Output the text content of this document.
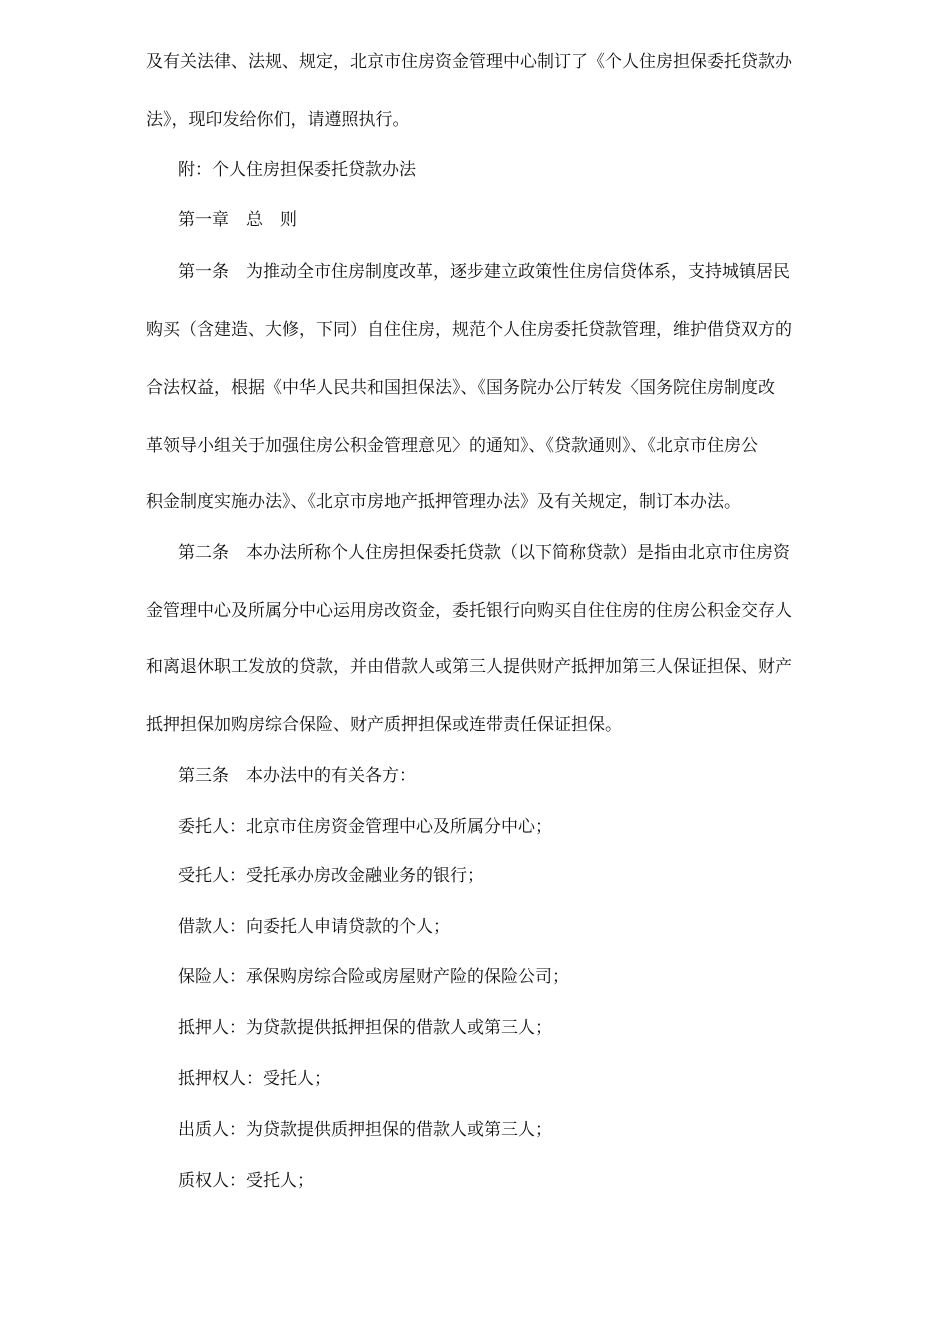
及有关法律、法规、规定，北京市住房资金管理中心制订了《个人住房担保委托贷款办
法》，现印发给你们，请遵照执行。
附：个人住房担保委托贷款办法
第一章　总　则
第一条　为推动全市住房制度改革，逐步建立政策性住房信贷体系，支持城镇居民
购买（含建造、大修，下同）自住住房，规范个人住房委托贷款管理，维护借贷双方的
合法权益，根据《中华人民共和国担保法》、《国务院办公厅转发〈国务院住房制度改
革领导小组关于加强住房公积金管理意见〉的通知》、《贷款通则》、《北京市住房公
积金制度实施办法》、《北京市房地产抵押管理办法》及有关规定，制订本办法。
第二条　本办法所称个人住房担保委托贷款（以下简称贷款）是指由北京市住房资
金管理中心及所属分中心运用房改资金，委托银行向购买自住住房的住房公积金交存人
和离退休职工发放的贷款，并由借款人或第三人提供财产抵押加第三人保证担保、财产
抵押担保加购房综合保险、财产质押担保或连带责任保证担保。
第三条　本办法中的有关各方：
委托人：北京市住房资金管理中心及所属分中心；
受托人：受托承办房改金融业务的银行；
借款人：向委托人申请贷款的个人；
保险人：承保购房综合险或房屋财产险的保险公司；
抵押人：为贷款提供抵押担保的借款人或第三人；
抵押权人：受托人；
出质人：为贷款提供质押担保的借款人或第三人；
质权人：受托人；
